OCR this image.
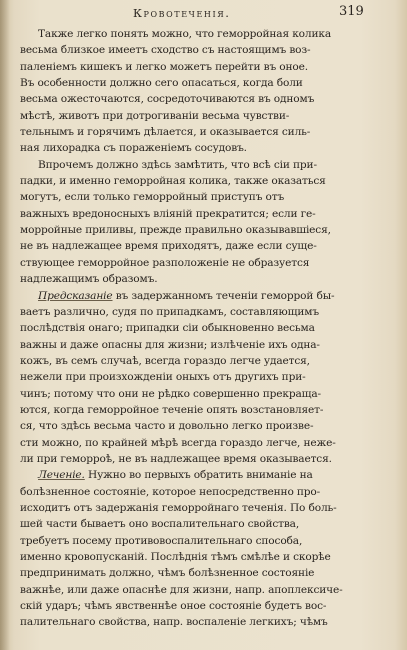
Кровотеченія.	319
Также легко понять можно, что геморройная колика
весьма близкое имеетъ сходство съ настоящимъ воз-
паленіемъ кишекъ и легко можетъ перейти въ оное.
Въ особенности должно сего опасаться, когда боли
весьма ожесточаются, сосредоточиваются въ одномъ
мѣстѣ, животъ при дотрогиваніи весьма чувстви-
тельнымъ и горячимъ дѣлается, и оказывается силь-
ная лихорадка съ пораженіемъ сосудовъ.
Впрочемъ должно здѣсь замѣтить, что всѣ сіи при-
падки, и именно геморройная колика, также оказаться
могутъ, если только геморройный приступъ отъ
важныхъ вредоносныхъ вліяній прекратится; если ге-
морройные приливы, прежде правильно оказывавшіеся,
не въ надлежащее время приходятъ, даже если суще-
ствующее геморройное разположеніе не образуется
надлежащимъ образомъ.
Предсказаніе въ задержанномъ теченіи геморрой бы-
ваетъ различно, судя по припадкамъ, составляющимъ
послѣдствія онаго; припадки сіи обыкновенно весьма
важны и даже опасны для жизни; излѣченіе ихъ одна-
кожъ, въ семъ случаѣ, всегда гораздо легче удается,
нежели при произхожденіи оныхъ отъ другихъ при-
чинъ; потому что они не рѣдко совершенно прекраща-
ются, когда геморройное теченіе опять возстановляет-
ся, что здѣсь весьма часто и довольно легко произве-
сти можно, по крайней мѣрѣ всегда гораздо легче, неже-
ли при геморроѣ, не въ надлежащее время оказывается.
Леченіе. Нужно во первыхъ обратить вниманіе на
болѣзненное состояніе, которое непосредственно про-
исходитъ отъ задержанія геморройнаго теченія. По боль-
шей части бываетъ оно воспалительнаго свойства,
требуетъ посему противовоспалительнаго способа,
именно кровопусканій. Послѣднія тѣмъ смѣлѣе и скорѣе
предпринимать должно, чѣмъ болѣзненное состояніе
важнѣе, или даже опаснѣе для жизни, напр. апоплексиче-
скій ударъ; чѣмъ явственнѣе оное состояніе будетъ вос-
палительнаго свойства, напр. воспаленіе легкихъ; чѣмъ
